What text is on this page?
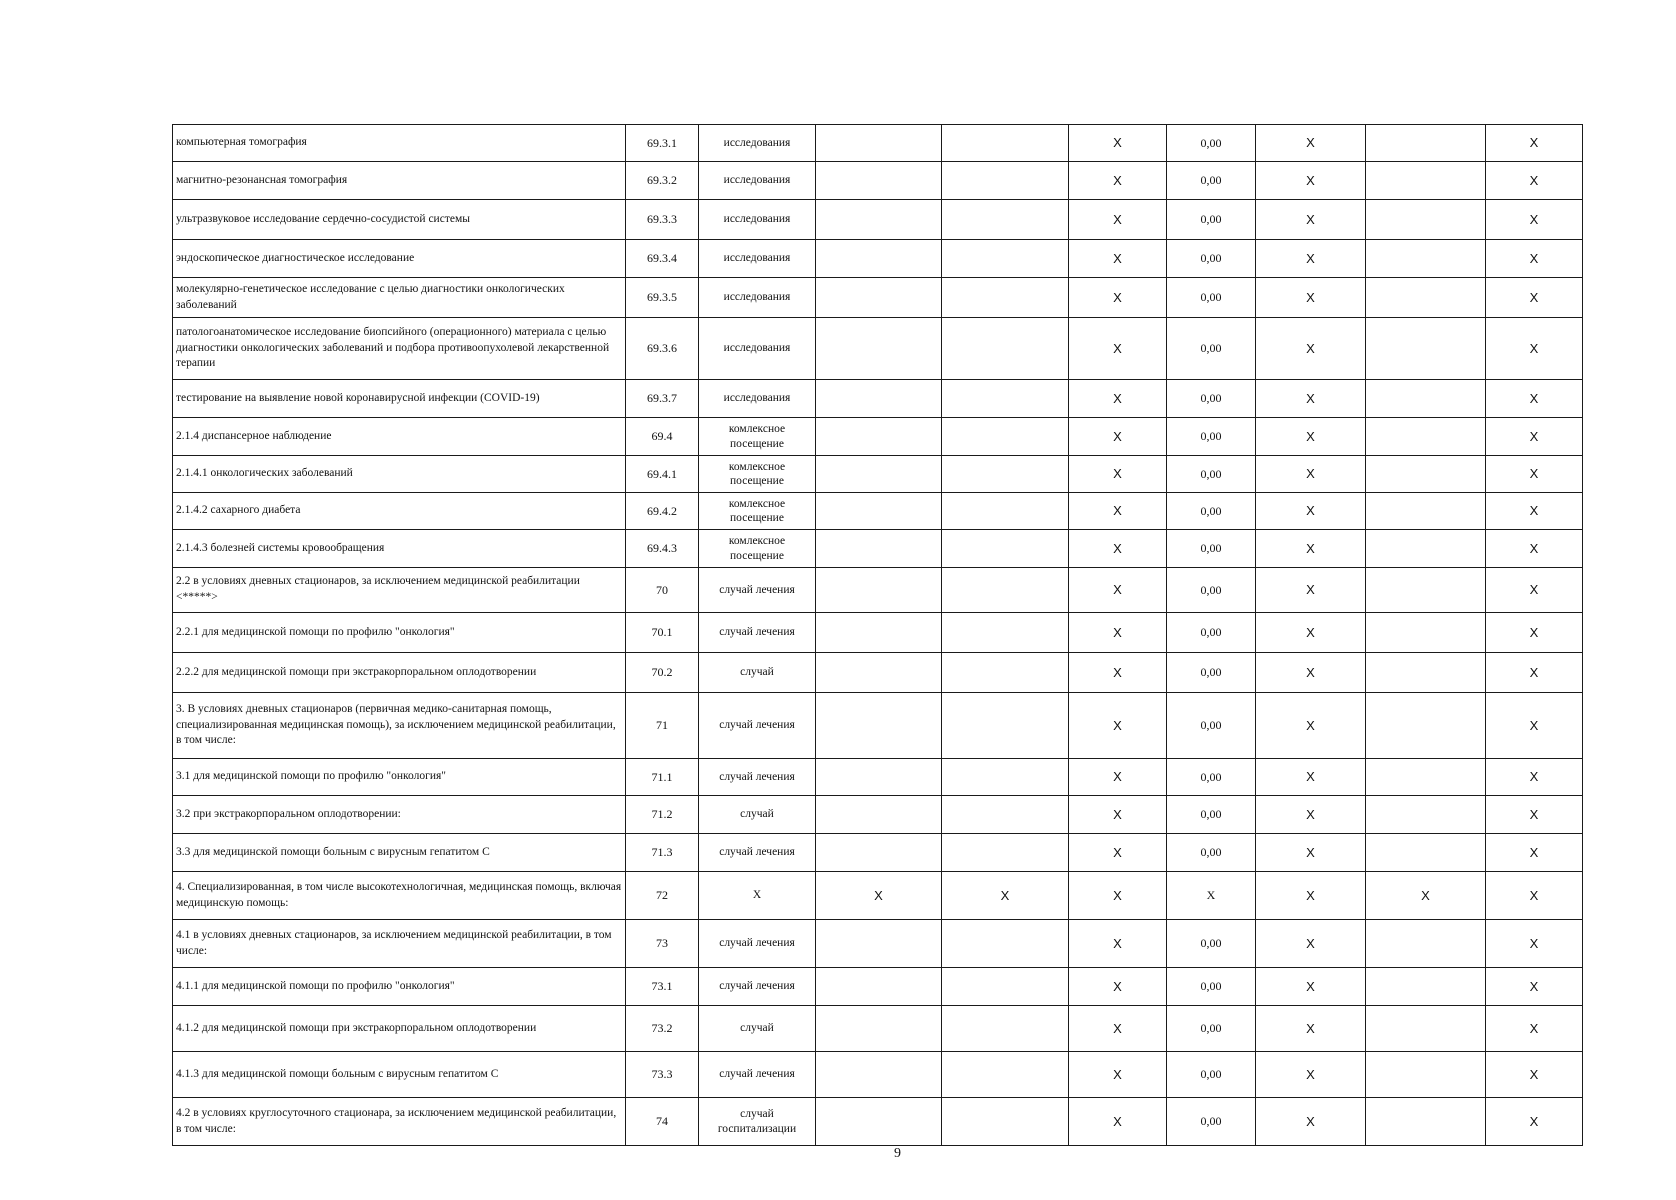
компьютерная томография	69.3.1	исследования			X	0,00	X		X
магнитно-резонансная томография	69.3.2	исследования			X	0,00	X		X
ультразвуковое исследование сердечно-сосудистой системы	69.3.3	исследования			X	0,00	X		X
эндоскопическое диагностическое исследование	69.3.4	исследования			X	0,00	X		X
молекулярно-генетическое исследование с целью диагностики онкологических заболеваний	69.3.5	исследования			X	0,00	X		X
патологоанатомическое исследование биопсийного (операционного) материала с целью диагностики онкологических заболеваний и подбора противоопухолевой лекарственной терапии	69.3.6	исследования			X	0,00	X		X
тестирование на выявление новой коронавирусной инфекции (COVID-19)	69.3.7	исследования			X	0,00	X		X
2.1.4 диспансерное наблюдение	69.4	комлексное посещение			X	0,00	X		X
2.1.4.1 онкологических заболеваний	69.4.1	комлексное посещение			X	0,00	X		X
2.1.4.2 сахарного диабета	69.4.2	комлексное посещение			X	0,00	X		X
2.1.4.3 болезней системы кровообращения	69.4.3	комлексное посещение			X	0,00	X		X
2.2 в условиях дневных стационаров, за исключением медицинской реабилитации <*****>	70	случай лечения			X	0,00	X		X
2.2.1 для медицинской помощи по профилю "онкология"	70.1	случай лечения			X	0,00	X		X
2.2.2 для медицинской помощи при экстракорпоральном оплодотворении	70.2	случай			X	0,00	X		X
3. В условиях дневных стационаров (первичная медико-санитарная помощь, специализированная медицинская помощь), за исключением медицинской реабилитации, в том числе:	71	случай лечения			X	0,00	X		X
3.1 для медицинской помощи по профилю "онкология"	71.1	случай лечения			X	0,00	X		X
3.2 при экстракорпоральном оплодотворении:	71.2	случай			X	0,00	X		X
3.3 для медицинской помощи больным с вирусным гепатитом С	71.3	случай лечения			X	0,00	X		X
4. Специализированная, в том числе высокотехнологичная, медицинская помощь, включая медицинскую помощь:	72	X	X	X	X	X	X	X	X
4.1 в условиях дневных стационаров, за исключением медицинской реабилитации, в том числе:	73	случай лечения			X	0,00	X		X
4.1.1 для медицинской помощи по профилю "онкология"	73.1	случай лечения			X	0,00	X		X
4.1.2 для медицинской помощи при экстракорпоральном оплодотворении	73.2	случай			X	0,00	X		X
4.1.3 для медицинской помощи больным с вирусным гепатитом С	73.3	случай лечения			X	0,00	X		X
4.2 в условиях круглосуточного стационара, за исключением медицинской реабилитации, в том числе:	74	случай госпитализации			X	0,00	X		X
9
